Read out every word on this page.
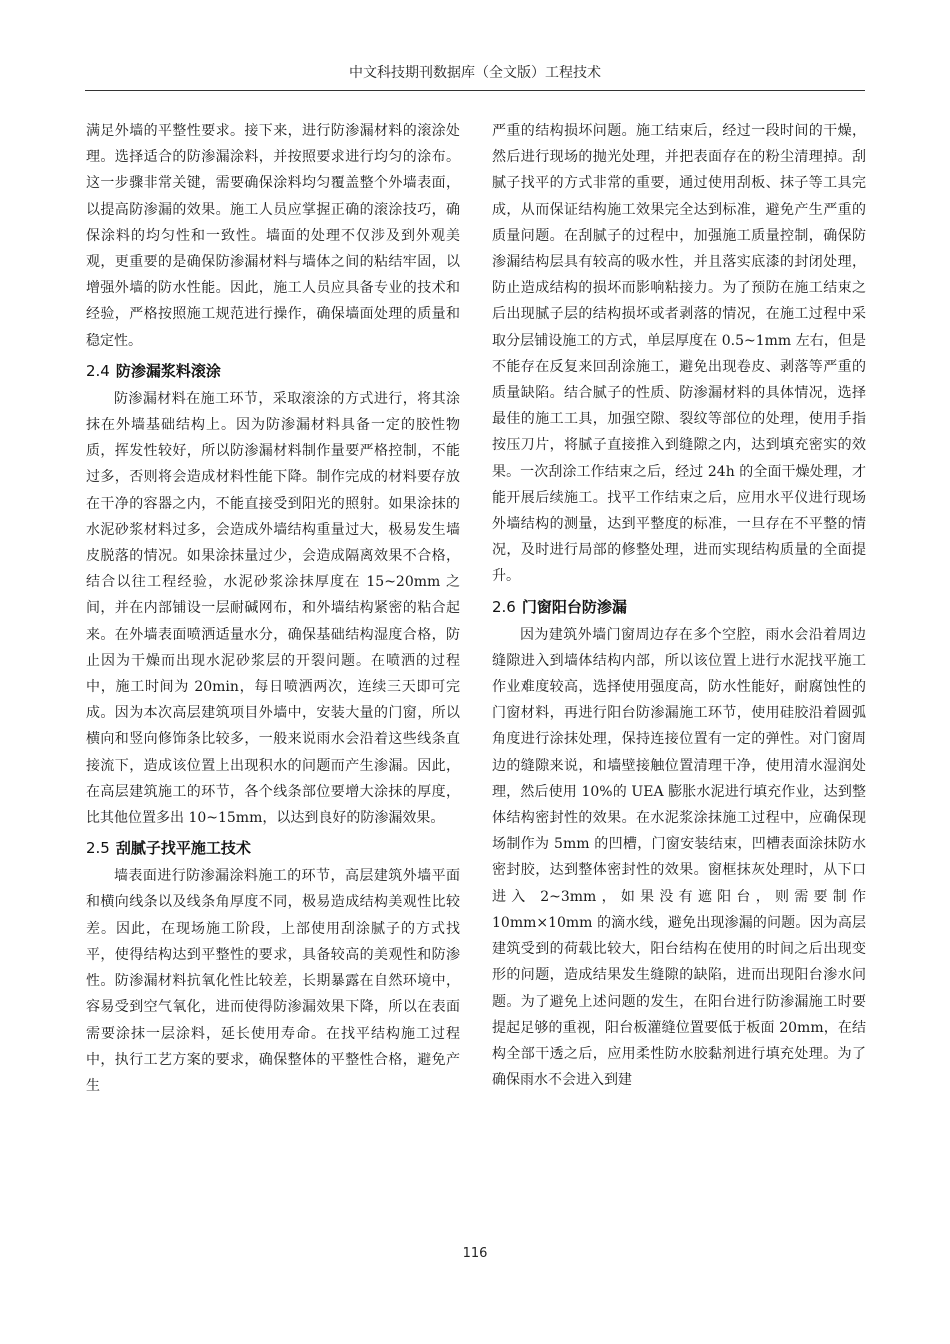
中文科技期刊数据库（全文版）工程技术

满足外墙的平整性要求。接下来，进行防渗漏材料的滚涂处理。选择适合的防渗漏涂料，并按照要求进行均匀的涂布。这一步骤非常关键，需要确保涂料均匀覆盖整个外墙表面，以提高防渗漏的效果。施工人员应掌握正确的滚涂技巧，确保涂料的均匀性和一致性。墙面的处理不仅涉及到外观美观，更重要的是确保防渗漏材料与墙体之间的粘结牢固，以增强外墙的防水性能。因此，施工人员应具备专业的技术和经验，严格按照施工规范进行操作，确保墙面处理的质量和稳定性。

2.4 防渗漏浆料滚涂

防渗漏材料在施工环节，采取滚涂的方式进行，将其涂抹在外墙基础结构上。因为防渗漏材料具备一定的胶性物质，挥发性较好，所以防渗漏材料制作量要严格控制，不能过多，否则将会造成材料性能下降。制作完成的材料要存放在干净的容器之内，不能直接受到阳光的照射。如果涂抹的水泥砂浆材料过多，会造成外墙结构重量过大，极易发生墙皮脱落的情况。如果涂抹量过少，会造成隔离效果不合格，结合以往工程经验，水泥砂浆涂抹厚度在 15~20mm 之间，并在内部铺设一层耐碱网布，和外墙结构紧密的粘合起来。在外墙表面喷洒适量水分，确保基础结构湿度合格，防止因为干燥而出现水泥砂浆层的开裂问题。在喷洒的过程中，施工时间为 20min，每日喷洒两次，连续三天即可完成。因为本次高层建筑项目外墙中，安装大量的门窗，所以横向和竖向修饰条比较多，一般来说雨水会沿着这些线条直接流下，造成该位置上出现积水的问题而产生渗漏。因此，在高层建筑施工的环节，各个线条部位要增大涂抹的厚度，比其他位置多出 10~15mm，以达到良好的防渗漏效果。

2.5 刮腻子找平施工技术

墙表面进行防渗漏涂料施工的环节，高层建筑外墙平面和横向线条以及线条角厚度不同，极易造成结构美观性比较差。因此，在现场施工阶段，上部使用刮涂腻子的方式找平，使得结构达到平整性的要求，具备较高的美观性和防渗性。防渗漏材料抗氧化性比较差，长期暴露在自然环境中，容易受到空气氧化，进而使得防渗漏效果下降，所以在表面需要涂抹一层涂料，延长使用寿命。在找平结构施工过程中，执行工艺方案的要求，确保整体的平整性合格，避免产生

严重的结构损坏问题。施工结束后，经过一段时间的干燥，然后进行现场的抛光处理，并把表面存在的粉尘清理掉。刮腻子找平的方式非常的重要，通过使用刮板、抹子等工具完成，从而保证结构施工效果完全达到标准，避免产生严重的质量问题。在刮腻子的过程中，加强施工质量控制，确保防渗漏结构层具有较高的吸水性，并且落实底漆的封闭处理，防止造成结构的损坏而影响粘接力。为了预防在施工结束之后出现腻子层的结构损坏或者剥落的情况，在施工过程中采取分层铺设施工的方式，单层厚度在 0.5~1mm 左右，但是不能存在反复来回刮涂施工，避免出现卷皮、剥落等严重的质量缺陷。结合腻子的性质、防渗漏材料的具体情况，选择最佳的施工工具，加强空隙、裂纹等部位的处理，使用手指按压刀片，将腻子直接推入到缝隙之内，达到填充密实的效果。一次刮涂工作结束之后，经过 24h 的全面干燥处理，才能开展后续施工。找平工作结束之后，应用水平仪进行现场外墙结构的测量，达到平整度的标准，一旦存在不平整的情况，及时进行局部的修整处理，进而实现结构质量的全面提升。

2.6 门窗阳台防渗漏

因为建筑外墙门窗周边存在多个空腔，雨水会沿着周边缝隙进入到墙体结构内部，所以该位置上进行水泥找平施工作业难度较高，选择使用强度高，防水性能好，耐腐蚀性的门窗材料，再进行阳台防渗漏施工环节，使用硅胶沿着圆弧角度进行涂抹处理，保持连接位置有一定的弹性。对门窗周边的缝隙来说，和墙壁接触位置清理干净，使用清水湿润处理，然后使用 10%的 UEA 膨胀水泥进行填充作业，达到整体结构密封性的效果。在水泥浆涂抹施工过程中，应确保现场制作为 5mm 的凹槽，门窗安装结束，凹槽表面涂抹防水密封胶，达到整体密封性的效果。窗框抹灰处理时，从下口进入 2~3mm，如果没有遮阳台，则需要制作 10mm×10mm 的滴水线，避免出现渗漏的问题。因为高层建筑受到的荷载比较大，阳台结构在使用的时间之后出现变形的问题，造成结果发生缝隙的缺陷，进而出现阳台渗水问题。为了避免上述问题的发生，在阳台进行防渗漏施工时要提起足够的重视，阳台板灌缝位置要低于板面 20mm，在结构全部干透之后，应用柔性防水胶黏剂进行填充处理。为了确保雨水不会进入到建

116
